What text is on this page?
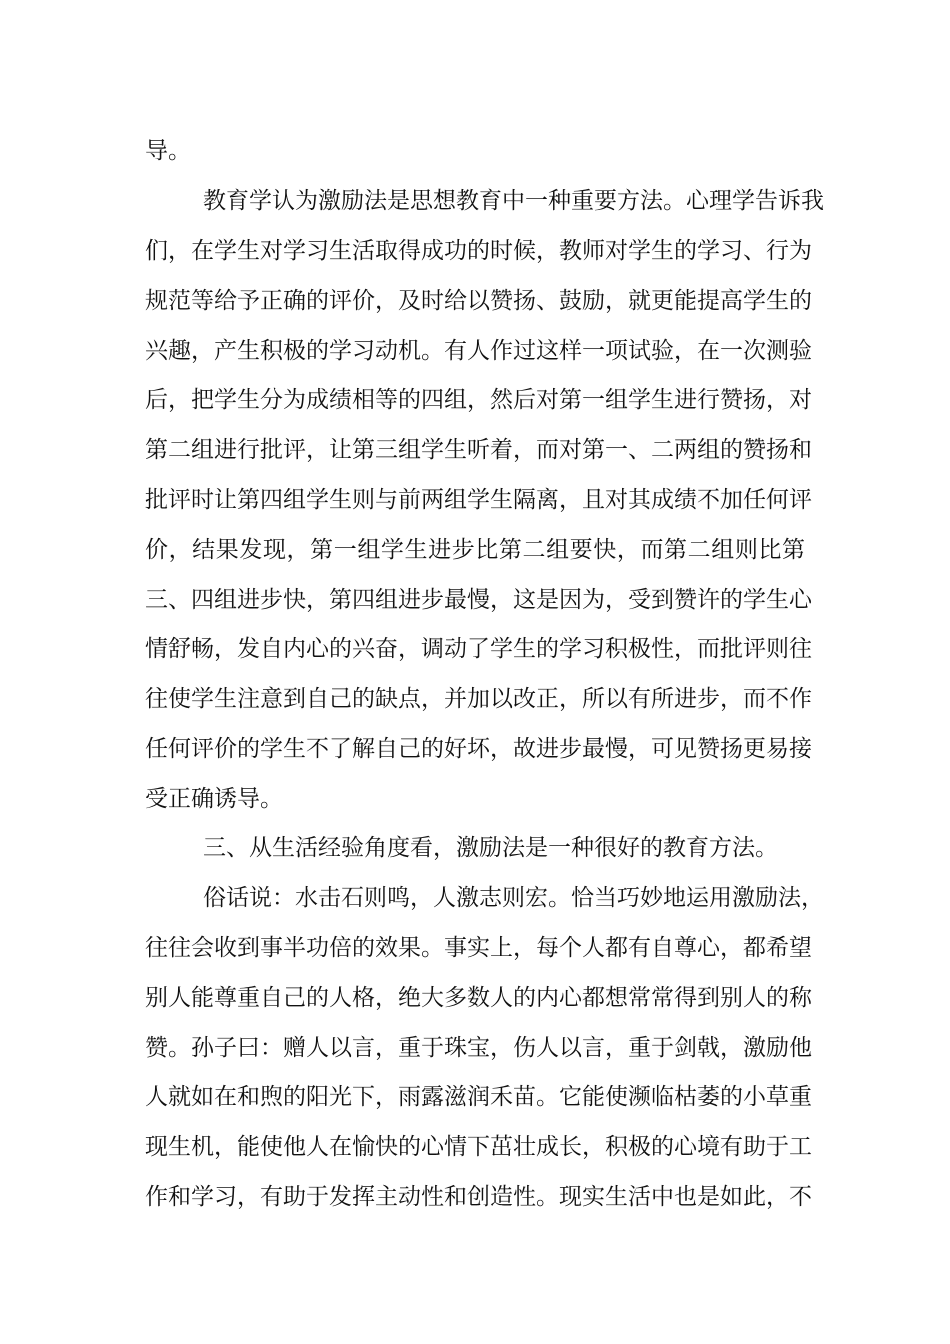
导。
教育学认为激励法是思想教育中一种重要方法。心理学告诉我
们，在学生对学习生活取得成功的时候，教师对学生的学习、行为
规范等给予正确的评价，及时给以赞扬、鼓励，就更能提高学生的
兴趣，产生积极的学习动机。有人作过这样一项试验，在一次测验
后，把学生分为成绩相等的四组，然后对第一组学生进行赞扬，对
第二组进行批评，让第三组学生听着，而对第一、二两组的赞扬和
批评时让第四组学生则与前两组学生隔离，且对其成绩不加任何评
价，结果发现，第一组学生进步比第二组要快，而第二组则比第
三、四组进步快，第四组进步最慢，这是因为，受到赞许的学生心
情舒畅，发自内心的兴奋，调动了学生的学习积极性，而批评则往
往使学生注意到自己的缺点，并加以改正，所以有所进步，而不作
任何评价的学生不了解自己的好坏，故进步最慢，可见赞扬更易接
受正确诱导。
三、从生活经验角度看，激励法是一种很好的教育方法。
俗话说：水击石则鸣，人激志则宏。恰当巧妙地运用激励法，
往往会收到事半功倍的效果。事实上，每个人都有自尊心，都希望
别人能尊重自己的人格，绝大多数人的内心都想常常得到别人的称
赞。孙子曰：赠人以言，重于珠宝，伤人以言，重于剑戟，激励他
人就如在和煦的阳光下，雨露滋润禾苗。它能使濒临枯萎的小草重
现生机，能使他人在愉快的心情下茁壮成长，积极的心境有助于工
作和学习，有助于发挥主动性和创造性。现实生活中也是如此，不
